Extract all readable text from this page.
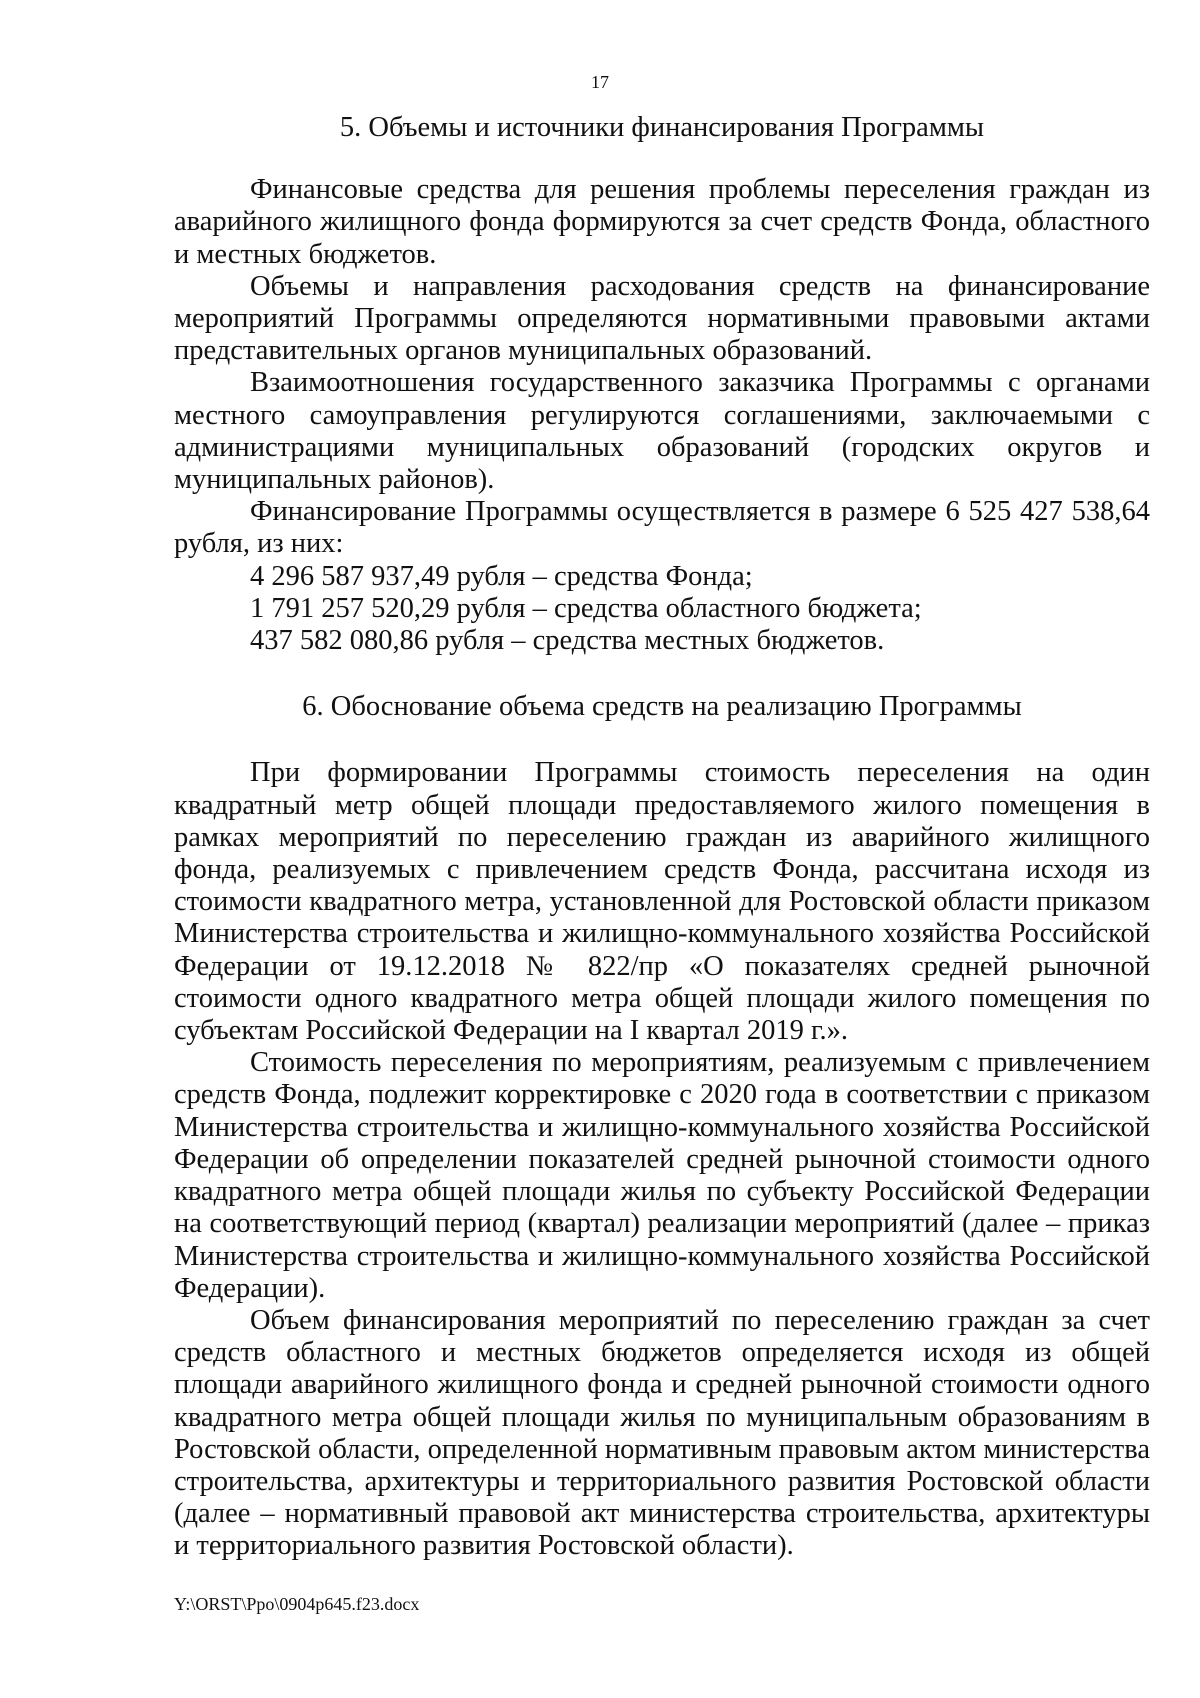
17
5. Объемы и источники финансирования Программы

Финансовые средства для решения проблемы переселения граждан из аварийного жилищного фонда формируются за счет средств Фонда, областного и местных бюджетов.

Объемы и направления расходования средств на финансирование мероприятий Программы определяются нормативными правовыми актами представительных органов муниципальных образований.

Взаимоотношения государственного заказчика Программы с органами местного самоуправления регулируются соглашениями, заключаемыми с администрациями муниципальных образований (городских округов и муниципальных районов).

Финансирование Программы осуществляется в размере 6 525 427 538,64 рубля, из них:

4 296 587 937,49 рубля – средства Фонда;

1 791 257 520,29 рубля – средства областного бюджета;

437 582 080,86 рубля – средства местных бюджетов.

6. Обоснование объема средств на реализацию Программы

При формировании Программы стоимость переселения на один квадратный метр общей площади предоставляемого жилого помещения в рамках мероприятий по переселению граждан из аварийного жилищного фонда, реализуемых с привлечением средств Фонда, рассчитана исходя из стоимости квадратного метра, установленной для Ростовской области приказом Министерства строительства и жилищно-коммунального хозяйства Российской Федерации от 19.12.2018 № 822/пр «О показателях средней рыночной стоимости одного квадратного метра общей площади жилого помещения по субъектам Российской Федерации на I квартал 2019 г.».

Стоимость переселения по мероприятиям, реализуемым с привлечением средств Фонда, подлежит корректировке с 2020 года в соответствии с приказом Министерства строительства и жилищно-коммунального хозяйства Российской Федерации об определении показателей средней рыночной стоимости одного квадратного метра общей площади жилья по субъекту Российской Федерации на соответствующий период (квартал) реализации мероприятий (далее – приказ Министерства строительства и жилищно-коммунального хозяйства Российской Федерации).

Объем финансирования мероприятий по переселению граждан за счет средств областного и местных бюджетов определяется исходя из общей площади аварийного жилищного фонда и средней рыночной стоимости одного квадратного метра общей площади жилья по муниципальным образованиям в Ростовской области, определенной нормативным правовым актом министерства строительства, архитектуры и территориального развития Ростовской области (далее – нормативный правовой акт министерства строительства, архитектуры и территориального развития Ростовской области).

Y:\ORST\Ppo\0904p645.f23.docx
